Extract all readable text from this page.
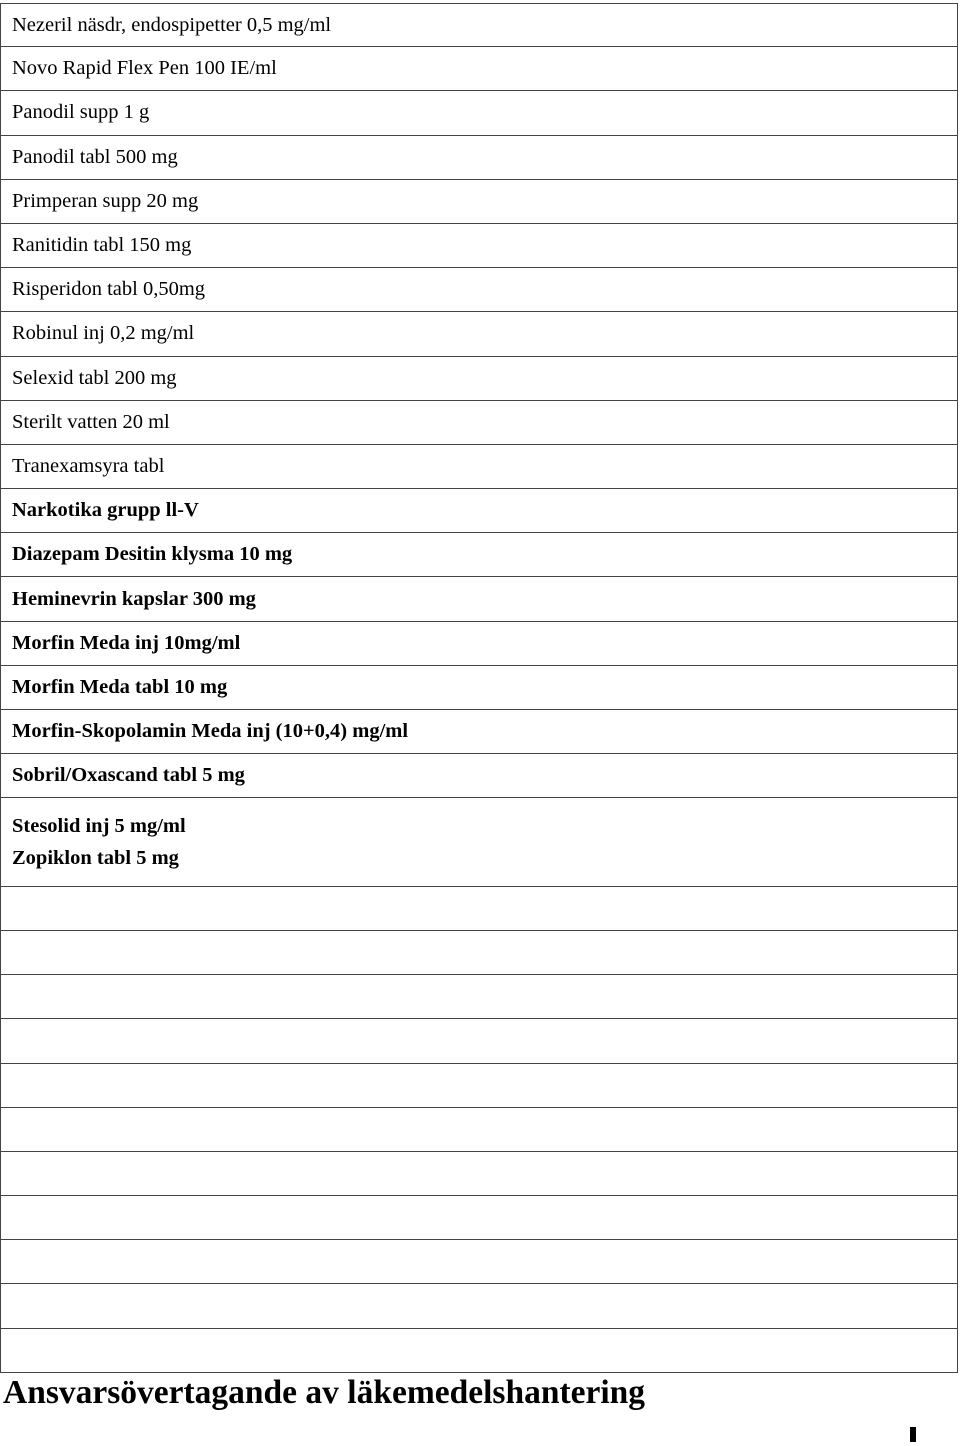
Nezeril näsdr, endospipetter 0,5 mg/ml
Novo Rapid Flex Pen 100 IE/ml
Panodil supp 1 g
Panodil tabl 500 mg
Primperan supp 20 mg
Ranitidin tabl 150 mg
Risperidon tabl 0,50mg
Robinul inj 0,2 mg/ml
Selexid tabl 200 mg
Sterilt vatten 20 ml
Tranexamsyra tabl
Narkotika grupp ll-V
Diazepam Desitin klysma 10 mg
Heminevrin kapslar 300 mg
Morfin Meda inj 10mg/ml
Morfin Meda tabl 10 mg
Morfin-Skopolamin Meda inj (10+0,4) mg/ml
Sobril/Oxascand tabl 5 mg
Stesolid inj 5 mg/ml
Zopiklon tabl 5 mg
Ansvarsövertagande av läkemedelshantering
